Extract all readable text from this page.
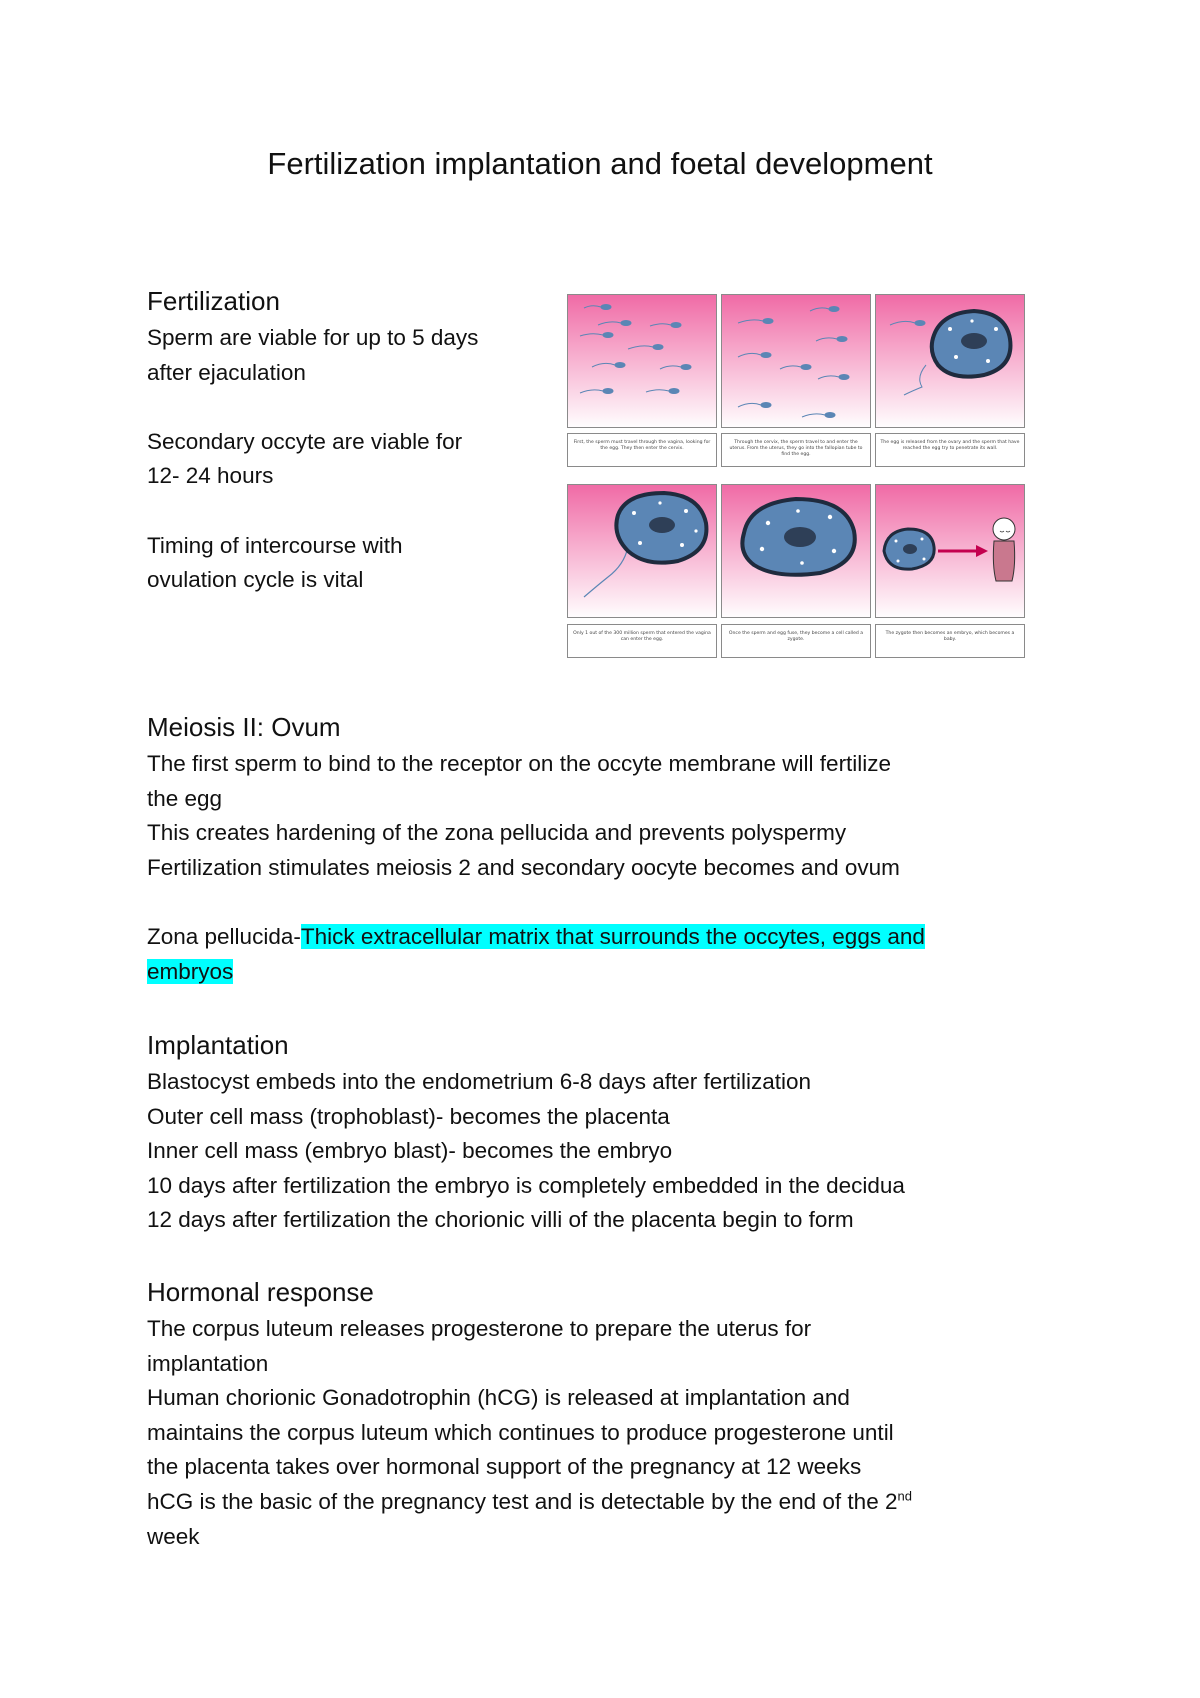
Fertilization implantation and foetal development
Fertilization

Sperm are viable for up to 5 days

after ejaculation

Secondary occyte are viable for

12- 24 hours

Timing of intercourse with

ovulation cycle is vital

First, the sperm must travel through the vagina, looking for the egg. They then enter the cervix.
Through the cervix, the sperm travel to and enter the uterus. From the uterus, they go into the fallopian tube to find the egg.
The egg is released from the ovary and the sperm that have reached the egg try to penetrate its wall.
Only 1 out of the 300 million sperm that entered the vagina can enter the egg.
Once the sperm and egg fuse, they become a cell called a zygote.
The zygote then becomes an embryo, which becomes a baby.
Meiosis II: Ovum

The first sperm to bind to the receptor on the occyte membrane will fertilize

the egg

This creates hardening of the zona pellucida and prevents polyspermy

Fertilization stimulates meiosis 2 and secondary oocyte becomes and ovum

Zona pellucida-Thick extracellular matrix that surrounds the occytes, eggs and

embryos

Implantation

Blastocyst embeds into the endometrium 6-8 days after fertilization

Outer cell mass (trophoblast)- becomes the placenta

Inner cell mass (embryo blast)- becomes the embryo

10 days after fertilization the embryo is completely embedded in the decidua

12 days after fertilization the chorionic villi of the placenta begin to form

Hormonal response

The corpus luteum releases progesterone to prepare the uterus for

implantation

Human chorionic Gonadotrophin (hCG) is released at implantation and

maintains the corpus luteum which continues to produce progesterone until

the placenta takes over hormonal support of the pregnancy at 12 weeks

hCG is the basic of the pregnancy test and is detectable by the end of the 2nd

week
